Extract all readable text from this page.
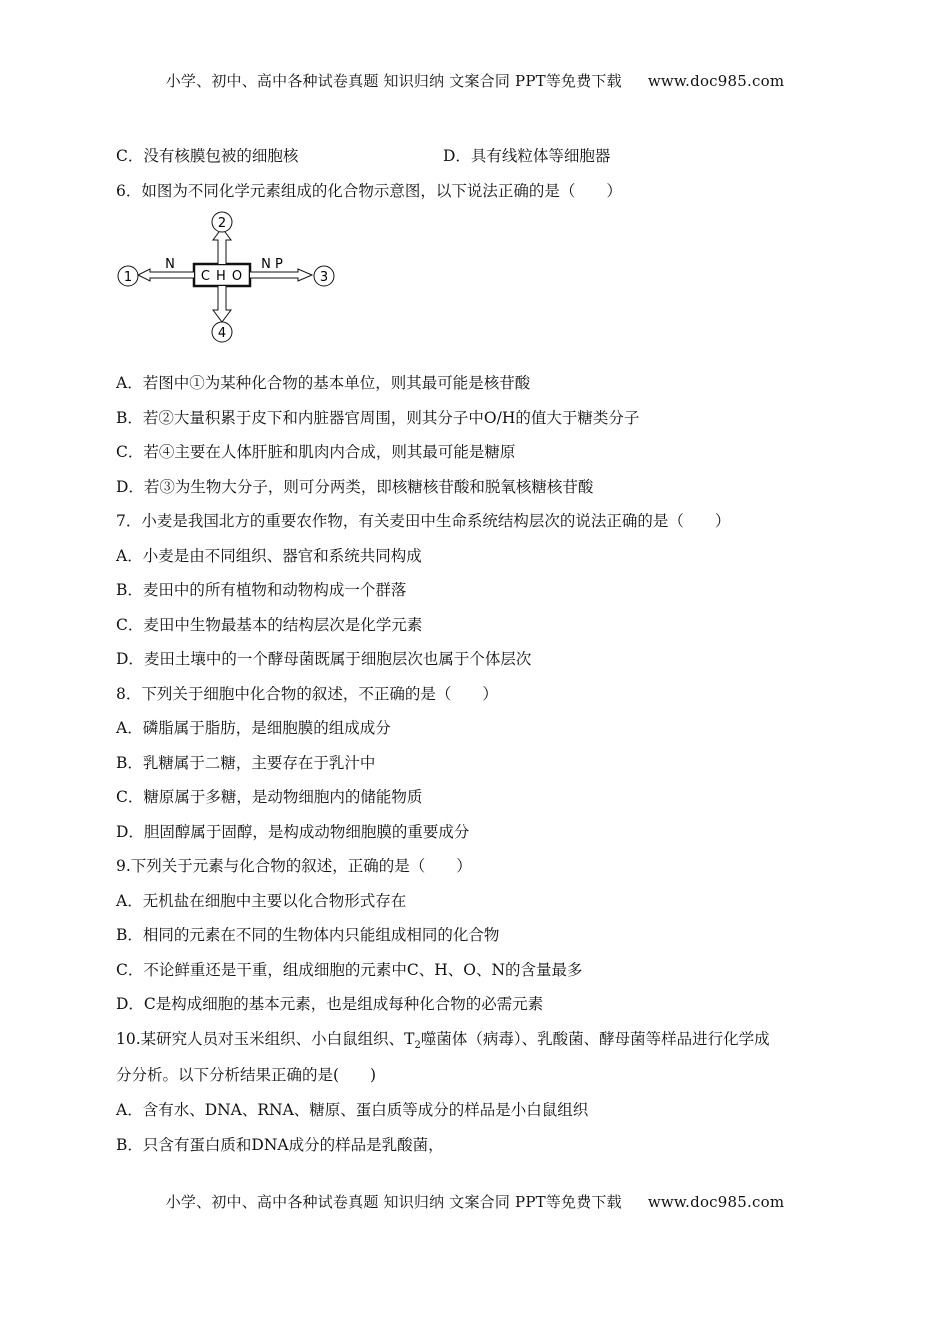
小学、初中、高中各种试卷真题 知识归纳 文案合同 PPT等免费下载 www.doc985.com
C．没有核膜包被的细胞核	D．具有线粒体等细胞器
6．如图为不同化学元素组成的化合物示意图，以下说法正确的是（　　）
C H O
2
4
N
1
N P
3
A．若图中①为某种化合物的基本单位，则其最可能是核苷酸
B．若②大量积累于皮下和内脏器官周围，则其分子中O/H的值大于糖类分子
C．若④主要在人体肝脏和肌肉内合成，则其最可能是糖原
D．若③为生物大分子，则可分两类，即核糖核苷酸和脱氧核糖核苷酸
7．小麦是我国北方的重要农作物，有关麦田中生命系统结构层次的说法正确的是（　　）
A．小麦是由不同组织、器官和系统共同构成
B．麦田中的所有植物和动物构成一个群落
C．麦田中生物最基本的结构层次是化学元素
D．麦田土壤中的一个酵母菌既属于细胞层次也属于个体层次
8．下列关于细胞中化合物的叙述，不正确的是（　　）
A．磷脂属于脂肪，是细胞膜的组成成分
B．乳糖属于二糖，主要存在于乳汁中
C．糖原属于多糖，是动物细胞内的储能物质
D．胆固醇属于固醇，是构成动物细胞膜的重要成分
9.下列关于元素与化合物的叙述，正确的是（　　）
A．无机盐在细胞中主要以化合物形式存在
B．相同的元素在不同的生物体内只能组成相同的化合物
C．不论鲜重还是干重，组成细胞的元素中C、H、O、N的含量最多
D．C是构成细胞的基本元素，也是组成每种化合物的必需元素
10.某研究人员对玉米组织、小白鼠组织、$T_2$噬菌体（病毒）、乳酸菌、酵母菌等样品进行化学成
分分析。以下分析结果正确的是(　　)
A．含有水、DNA、RNA、糖原、蛋白质等成分的样品是小白鼠组织
B．只含有蛋白质和DNA成分的样品是乳酸菌，
小学、初中、高中各种试卷真题 知识归纳 文案合同 PPT等免费下载 www.doc985.com
